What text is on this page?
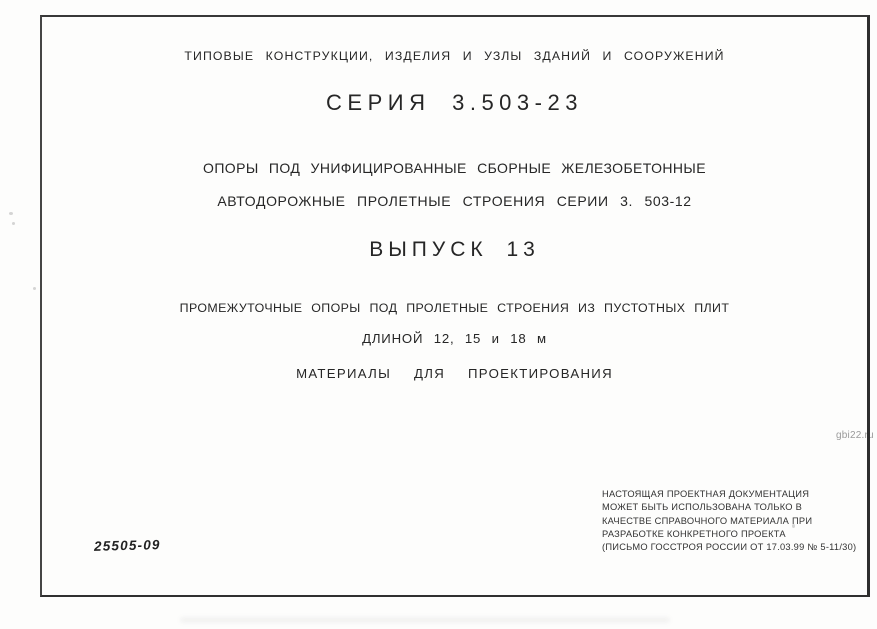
ТИПОВЫЕ КОНСТРУКЦИИ, ИЗДЕЛИЯ И УЗЛЫ ЗДАНИЙ И СООРУЖЕНИЙ
СЕРИЯ 3.503-23
ОПОРЫ ПОД УНИФИЦИРОВАННЫЕ СБОРНЫЕ ЖЕЛЕЗОБЕТОННЫЕ
АВТОДОРОЖНЫЕ ПРОЛЕТНЫЕ СТРОЕНИЯ СЕРИИ 3. 503-12
ВЫПУСК 13
ПРОМЕЖУТОЧНЫЕ ОПОРЫ ПОД ПРОЛЕТНЫЕ СТРОЕНИЯ ИЗ ПУСТОТНЫХ ПЛИТ
ДЛИНОЙ 12, 15 и 18 м
МАТЕРИАЛЫ ДЛЯ ПРОЕКТИРОВАНИЯ
НАСТОЯЩАЯ ПРОЕКТНАЯ ДОКУМЕНТАЦИЯ
МОЖЕТ БЫТЬ ИСПОЛЬЗОВАНА ТОЛЬКО В
КАЧЕСТВЕ СПРАВОЧНОГО МАТЕРИАЛА ПРИ
РАЗРАБОТКЕ КОНКРЕТНОГО ПРОЕКТА
(ПИСЬМО ГОССТРОЯ РОССИИ ОТ 17.03.99 № 5-11/30)
25505-09
gbi22.ru
